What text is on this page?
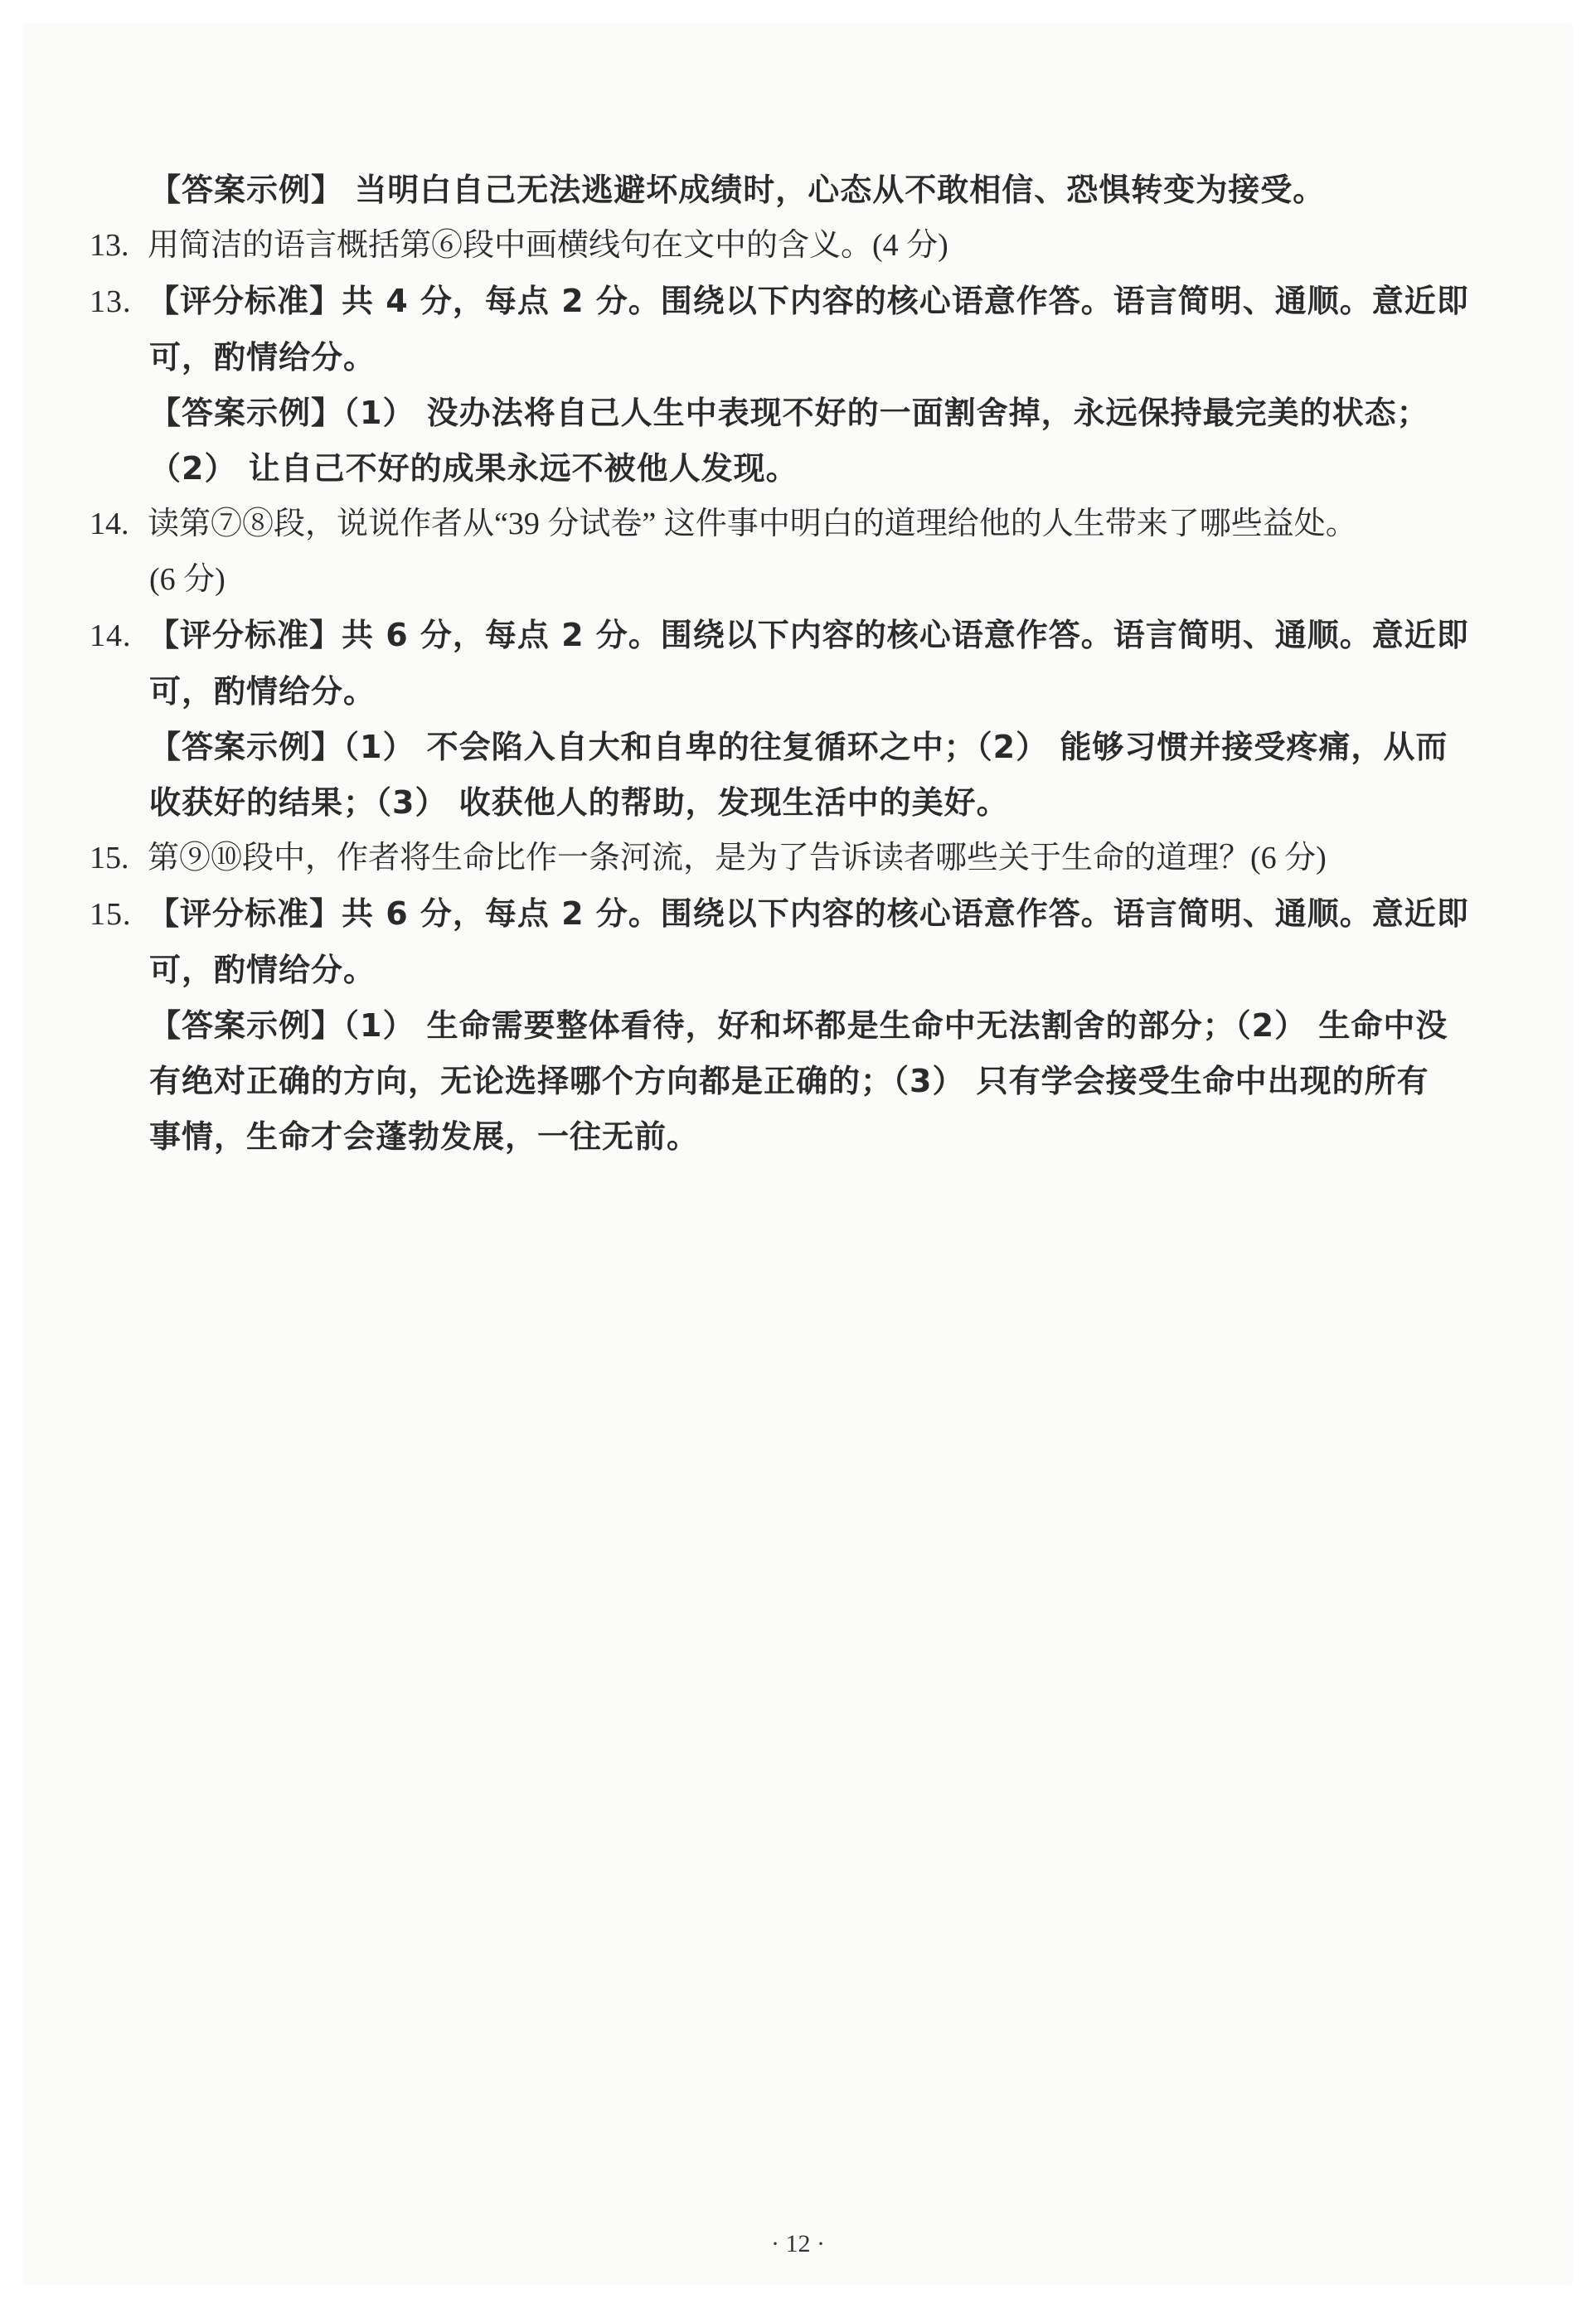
【答案示例】 当明白自己无法逃避坏成绩时，心态从不敢相信、恐惧转变为接受。
13. 用简洁的语言概括第⑥段中画横线句在文中的含义。(4 分)
13. 【评分标准】共 4 分，每点 2 分。围绕以下内容的核心语意作答。语言简明、通顺。意近即
可，酌情给分。
【答案示例】（1） 没办法将自己人生中表现不好的一面割舍掉，永远保持最完美的状态；
（2） 让自己不好的成果永远不被他人发现。
14. 读第⑦⑧段，说说作者从“39 分试卷” 这件事中明白的道理给他的人生带来了哪些益处。
(6 分)
14. 【评分标准】共 6 分，每点 2 分。围绕以下内容的核心语意作答。语言简明、通顺。意近即
可，酌情给分。
【答案示例】（1） 不会陷入自大和自卑的往复循环之中；（2） 能够习惯并接受疼痛，从而
收获好的结果；（3） 收获他人的帮助，发现生活中的美好。
15. 第⑨⑩段中，作者将生命比作一条河流，是为了告诉读者哪些关于生命的道理？(6 分)
15. 【评分标准】共 6 分，每点 2 分。围绕以下内容的核心语意作答。语言简明、通顺。意近即
可，酌情给分。
【答案示例】（1） 生命需要整体看待，好和坏都是生命中无法割舍的部分；（2） 生命中没
有绝对正确的方向，无论选择哪个方向都是正确的；（3） 只有学会接受生命中出现的所有
事情，生命才会蓬勃发展，一往无前。
· 12 ·
